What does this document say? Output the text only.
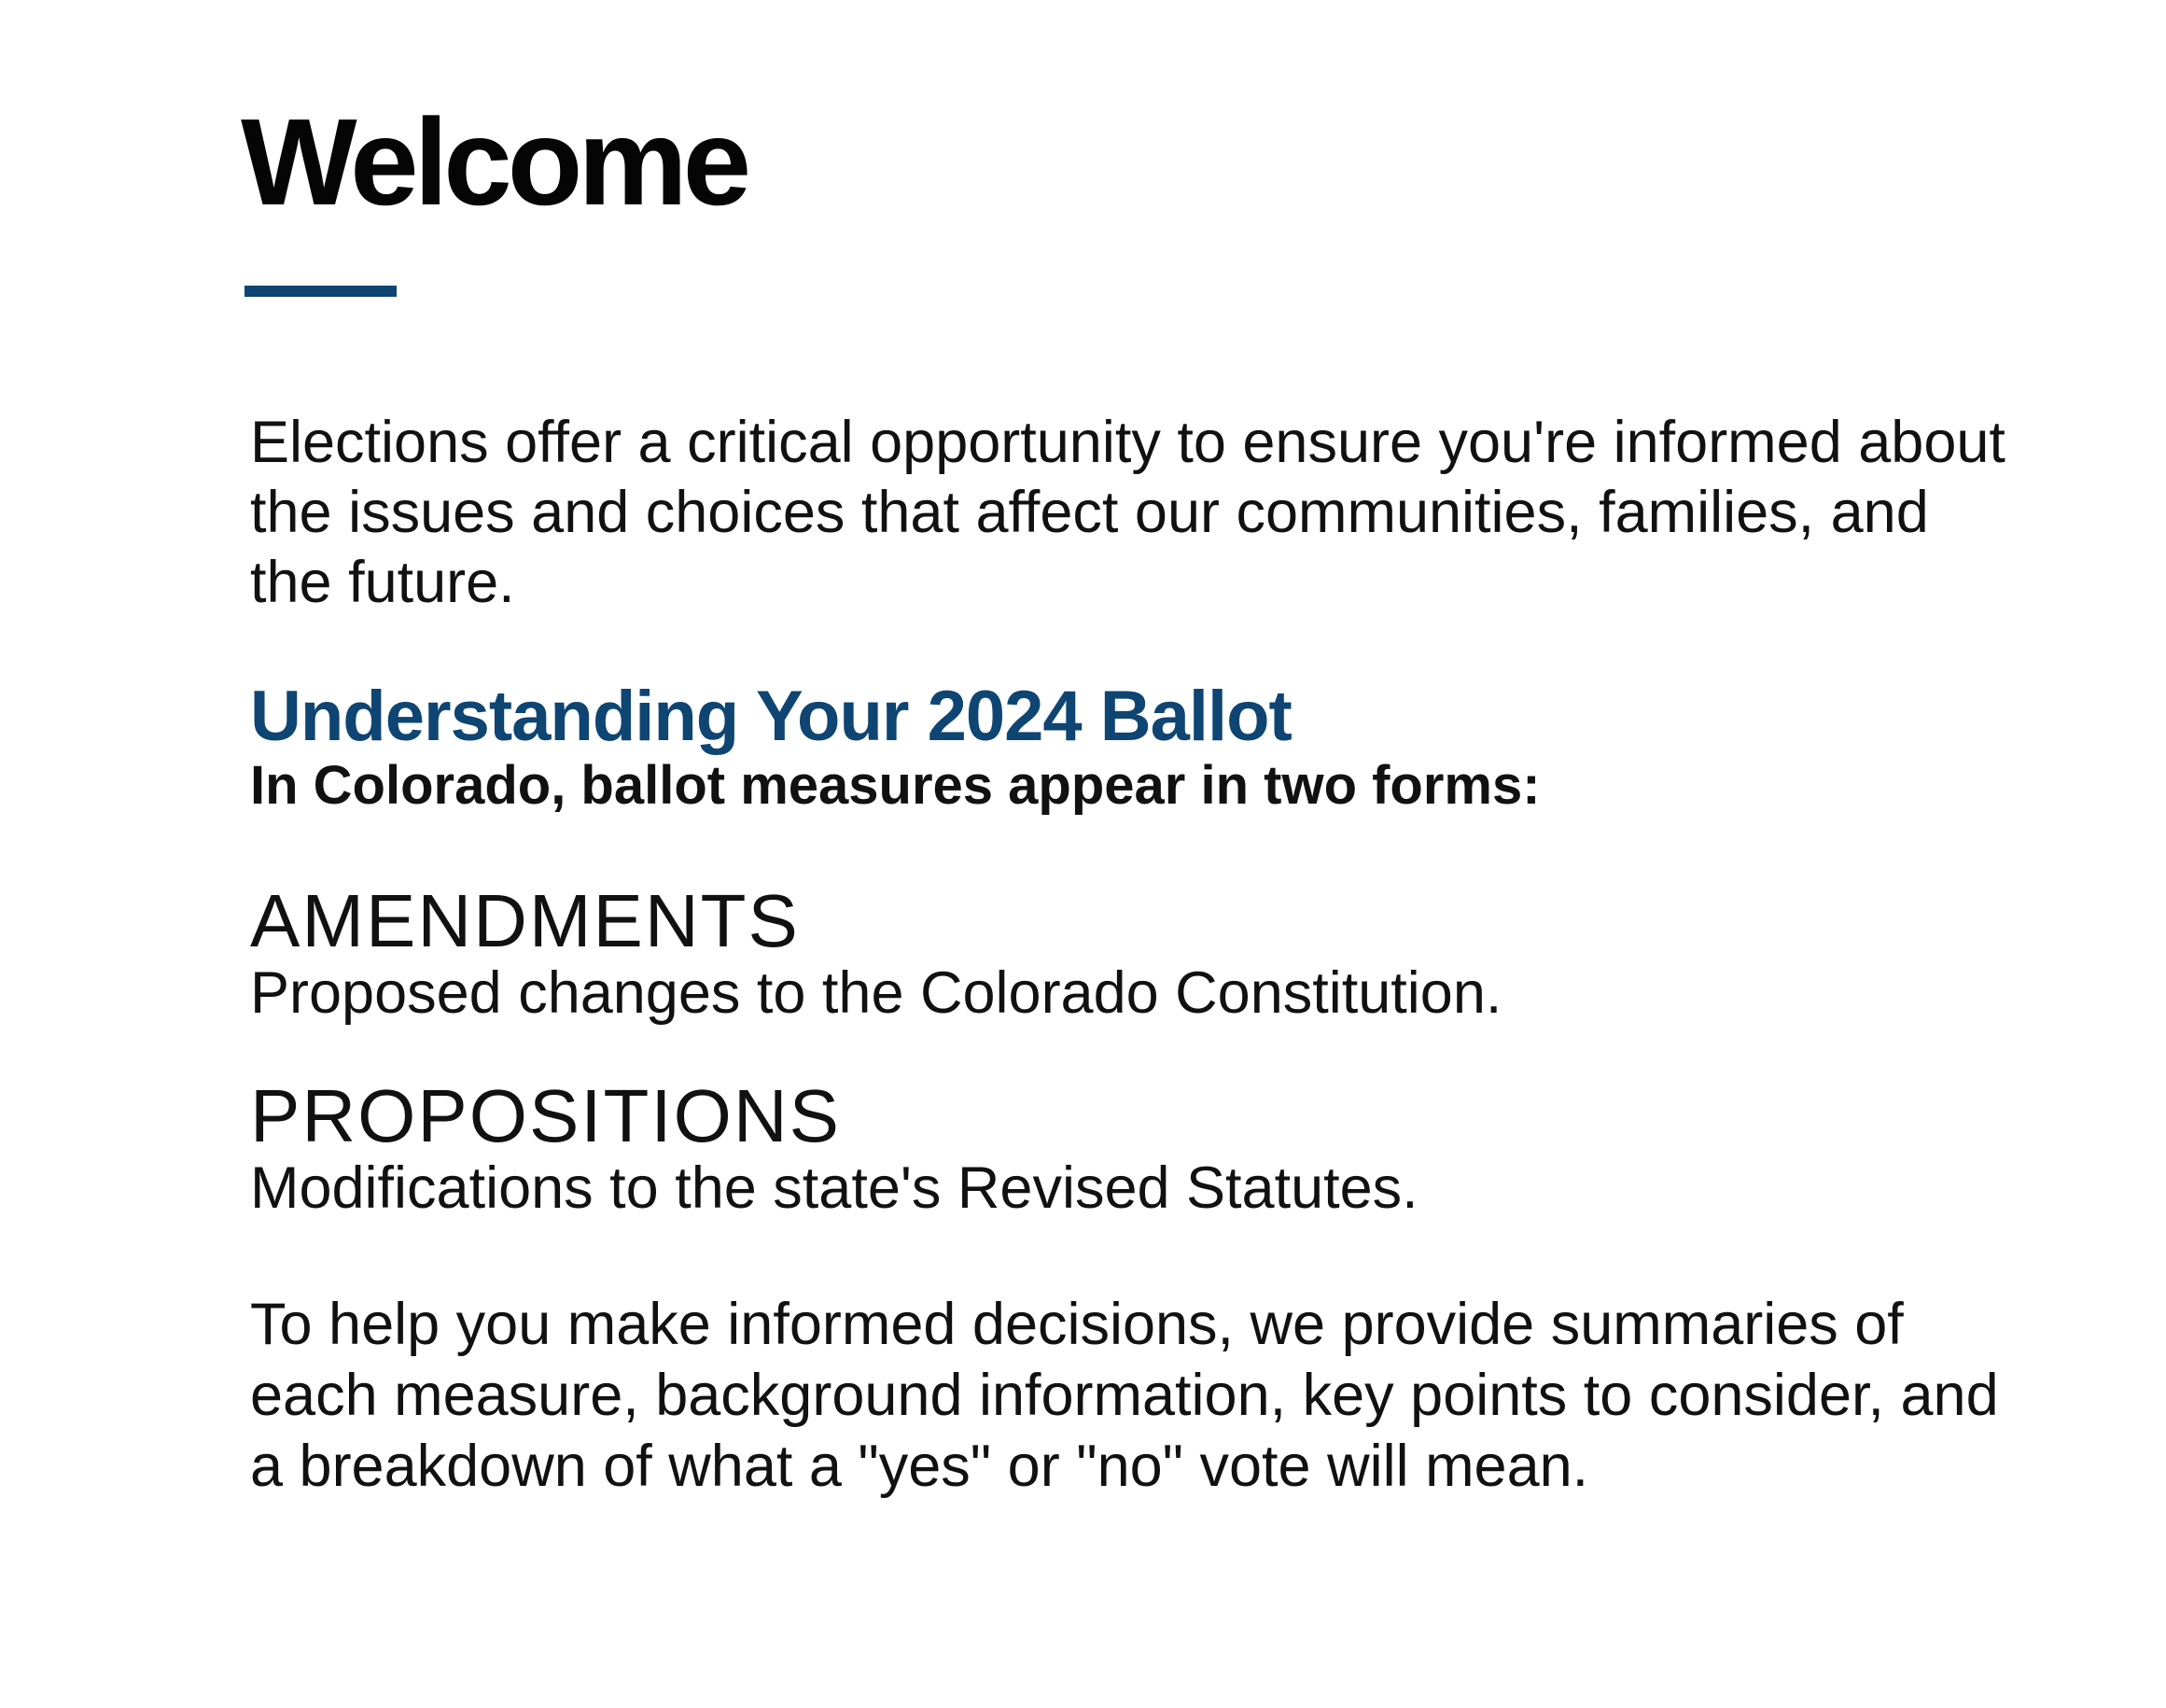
Welcome

Elections offer a critical opportunity to ensure you're informed about the issues and choices that affect our communities, families, and the future.

Understanding Your 2024 Ballot

In Colorado, ballot measures appear in two forms:

AMENDMENTS

Proposed changes to the Colorado Constitution.

PROPOSITIONS

Modifications to the state's Revised Statutes.

To help you make informed decisions, we provide summaries of each measure, background information, key points to consider, and a breakdown of what a "yes" or "no" vote will mean.
